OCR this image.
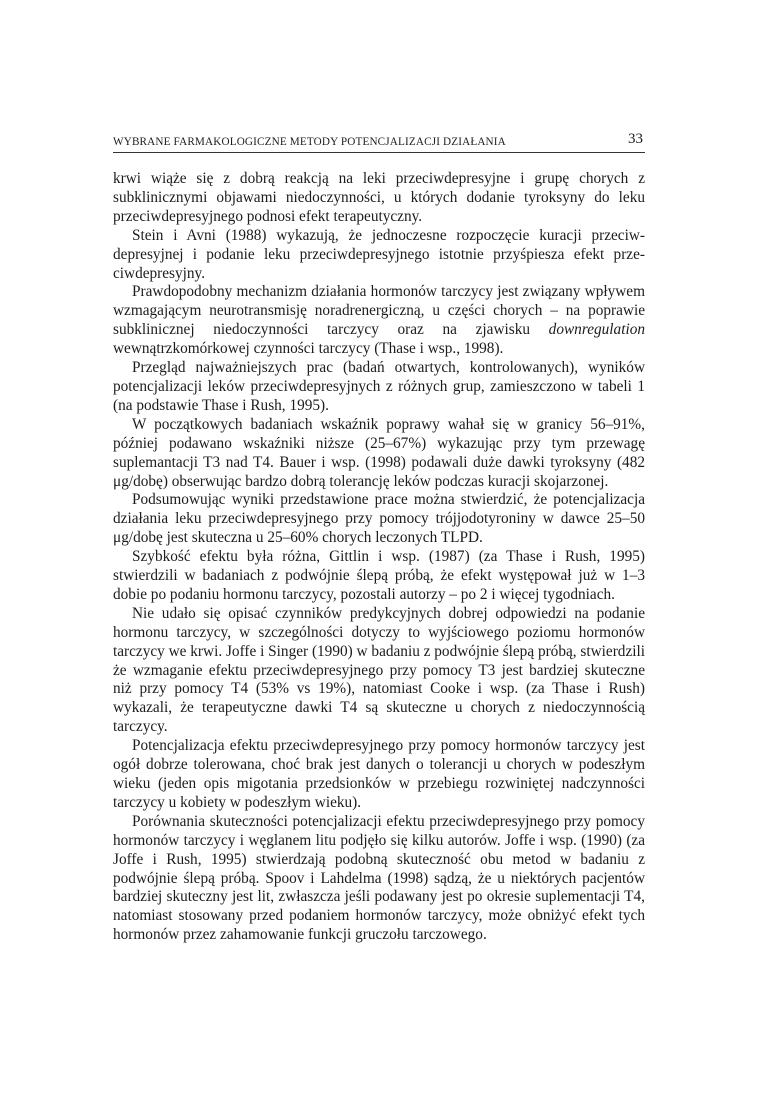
WYBRANE FARMAKOLOGICZNE METODY POTENCJALIZACJI DZIAŁANIA	33

krwi wiąże się z dobrą reakcją na leki przeciwdepresyjne i grupę chorych z subklinicznymi objawami niedoczynności, u których dodanie tyroksyny do leku przeciwdepresyjnego podnosi efekt terapeutyczny.

Stein i Avni (1988) wykazują, że jednoczesne rozpoczęcie kuracji przeciwdepresyjnej i podanie leku przeciwdepresyjnego istotnie przyśpiesza efekt przeciwdepresyjny.

Prawdopodobny mechanizm działania hormonów tarczycy jest związany wpływem wzmagającym neurotransmisję noradrenergiczną, u części chorych – na poprawie subklinicznej niedoczynności tarczycy oraz na zjawisku downregulation wewnątrzkomórkowej czynności tarczycy (Thase i wsp., 1998).

Przegląd najważniejszych prac (badań otwartych, kontrolowanych), wyników potencjalizacji leków przeciwdepresyjnych z różnych grup, zamieszczono w tabeli 1 (na podstawie Thase i Rush, 1995).

W początkowych badaniach wskaźnik poprawy wahał się w granicy 56–91%, później podawano wskaźniki niższe (25–67%) wykazując przy tym przewagę suplemantacji T3 nad T4. Bauer i wsp. (1998) podawali duże dawki tyroksyny (482 μg/dobę) obserwując bardzo dobrą tolerancję leków podczas kuracji skojarzonej.

Podsumowując wyniki przedstawione prace można stwierdzić, że potencjalizacja działania leku przeciwdepresyjnego przy pomocy trójjodotyroniny w dawce 25–50 μg/dobę jest skuteczna u 25–60% chorych leczonych TLPD.

Szybkość efektu była różna, Gittlin i wsp. (1987) (za Thase i Rush, 1995) stwierdzili w badaniach z podwójnie ślepą próbą, że efekt występował już w 1–3 dobie po podaniu hormonu tarczycy, pozostali autorzy – po 2 i więcej tygodniach.

Nie udało się opisać czynników predykcyjnych dobrej odpowiedzi na podanie hormonu tarczycy, w szczególności dotyczy to wyjściowego poziomu hormonów tarczycy we krwi. Joffe i Singer (1990) w badaniu z podwójnie ślepą próbą, stwierdzili że wzmaganie efektu przeciwdepresyjnego przy pomocy T3 jest bardziej skuteczne niż przy pomocy T4 (53% vs 19%), natomiast Cooke i wsp. (za Thase i Rush) wykazali, że terapeutyczne dawki T4 są skuteczne u chorych z niedoczynnością tarczycy.

Potencjalizacja efektu przeciwdepresyjnego przy pomocy hormonów tarczycy jest ogół dobrze tolerowana, choć brak jest danych o tolerancji u chorych w podeszłym wieku (jeden opis migotania przedsionków w przebiegu rozwiniętej nadczynności tarczycy u kobiety w podeszłym wieku).

Porównania skuteczności potencjalizacji efektu przeciwdepresyjnego przy pomocy hormonów tarczycy i węglanem litu podjęło się kilku autorów. Joffe i wsp. (1990) (za Joffe i Rush, 1995) stwierdzają podobną skuteczność obu metod w badaniu z podwójnie ślepą próbą. Spoov i Lahdelma (1998) sądzą, że u niektórych pacjentów bardziej skuteczny jest lit, zwłaszcza jeśli podawany jest po okresie suplementacji T4, natomiast stosowany przed podaniem hormonów tarczycy, może obniżyć efekt tych hormonów przez zahamowanie funkcji gruczołu tarczowego.
